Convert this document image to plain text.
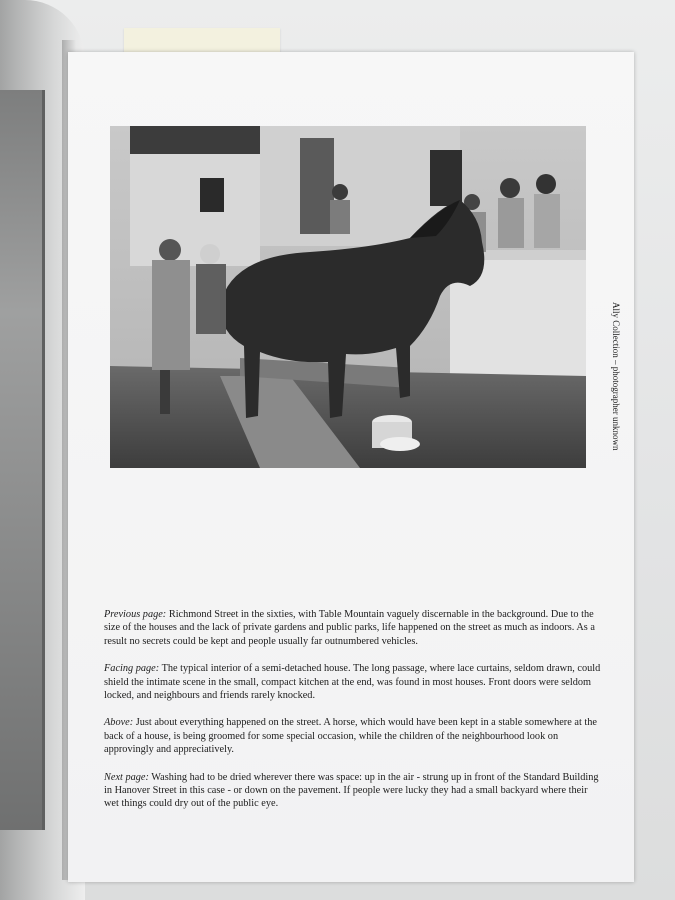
Ally Collection – photographer unknown

Previous page: Richmond Street in the sixties, with Table Mountain vaguely discernable in the background. Due to the size of the houses and the lack of private gardens and public parks, life happened on the street as much as indoors. As a result no secrets could be kept and people usually far outnumbered vehicles.

Facing page: The typical interior of a semi-detached house. The long passage, where lace curtains, seldom drawn, could shield the intimate scene in the small, compact kitchen at the end, was found in most houses. Front doors were seldom locked, and neighbours and friends rarely knocked.

Above: Just about everything happened on the street. A horse, which would have been kept in a stable somewhere at the back of a house, is being groomed for some special occasion, while the children of the neighbourhood look on approvingly and appreciatively.

Next page: Washing had to be dried wherever there was space: up in the air - strung up in front of the Standard Building in Hanover Street in this case - or down on the pavement. If people were lucky they had a small backyard where their wet things could dry out of the public eye.
